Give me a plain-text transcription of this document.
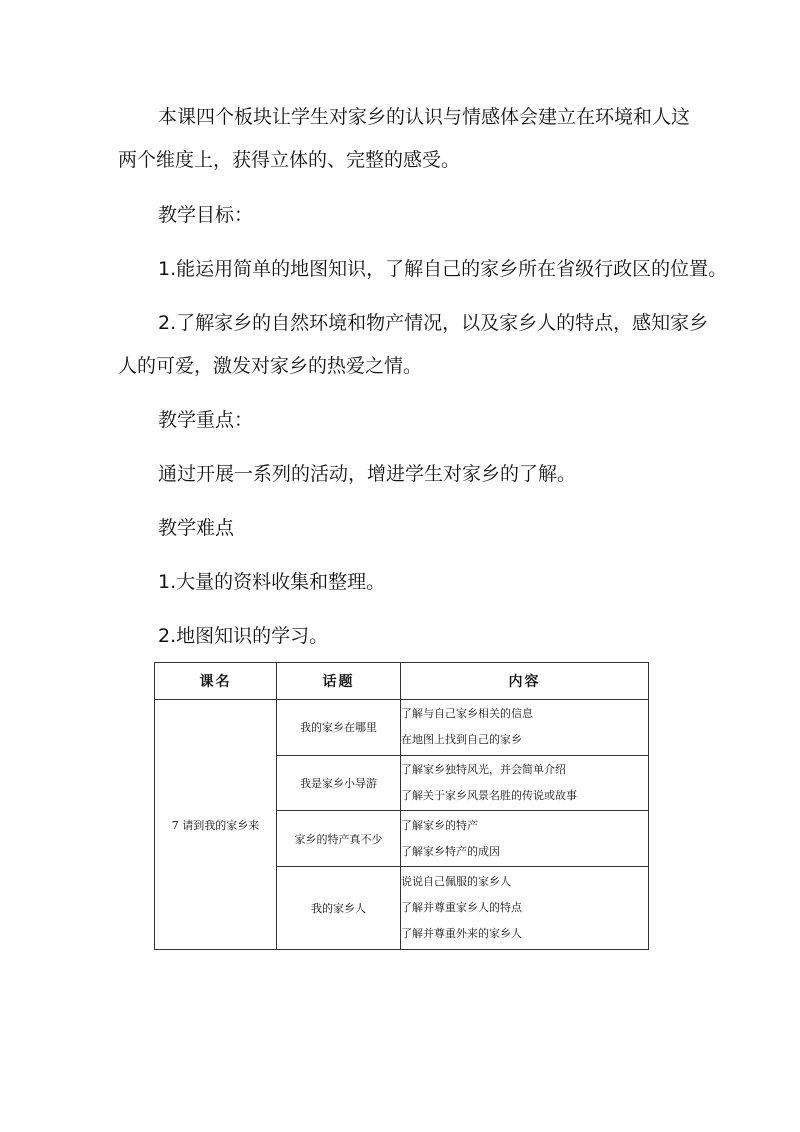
本课四个板块让学生对家乡的认识与情感体会建立在环境和人这
两个维度上，获得立体的、完整的感受。
教学目标：
1.能运用简单的地图知识，了解自己的家乡所在省级行政区的位置。
2.了解家乡的自然环境和物产情况，以及家乡人的特点，感知家乡
人的可爱，激发对家乡的热爱之情。
教学重点：
通过开展一系列的活动，增进学生对家乡的了解。
教学难点
1.大量的资料收集和整理。
2.地图知识的学习。
课名	话题	内容
7 请到我的家乡来	我的家乡在哪里	了解与自己家乡相关的信息
在地图上找到自己的家乡

	我是家乡小导游	了解家乡独特风光，并会简单介绍
了解关于家乡风景名胜的传说或故事

	家乡的特产真不少	了解家乡的特产
了解家乡特产的成因

	我的家乡人	说说自己佩服的家乡人
了解并尊重家乡人的特点
了解并尊重外来的家乡人
